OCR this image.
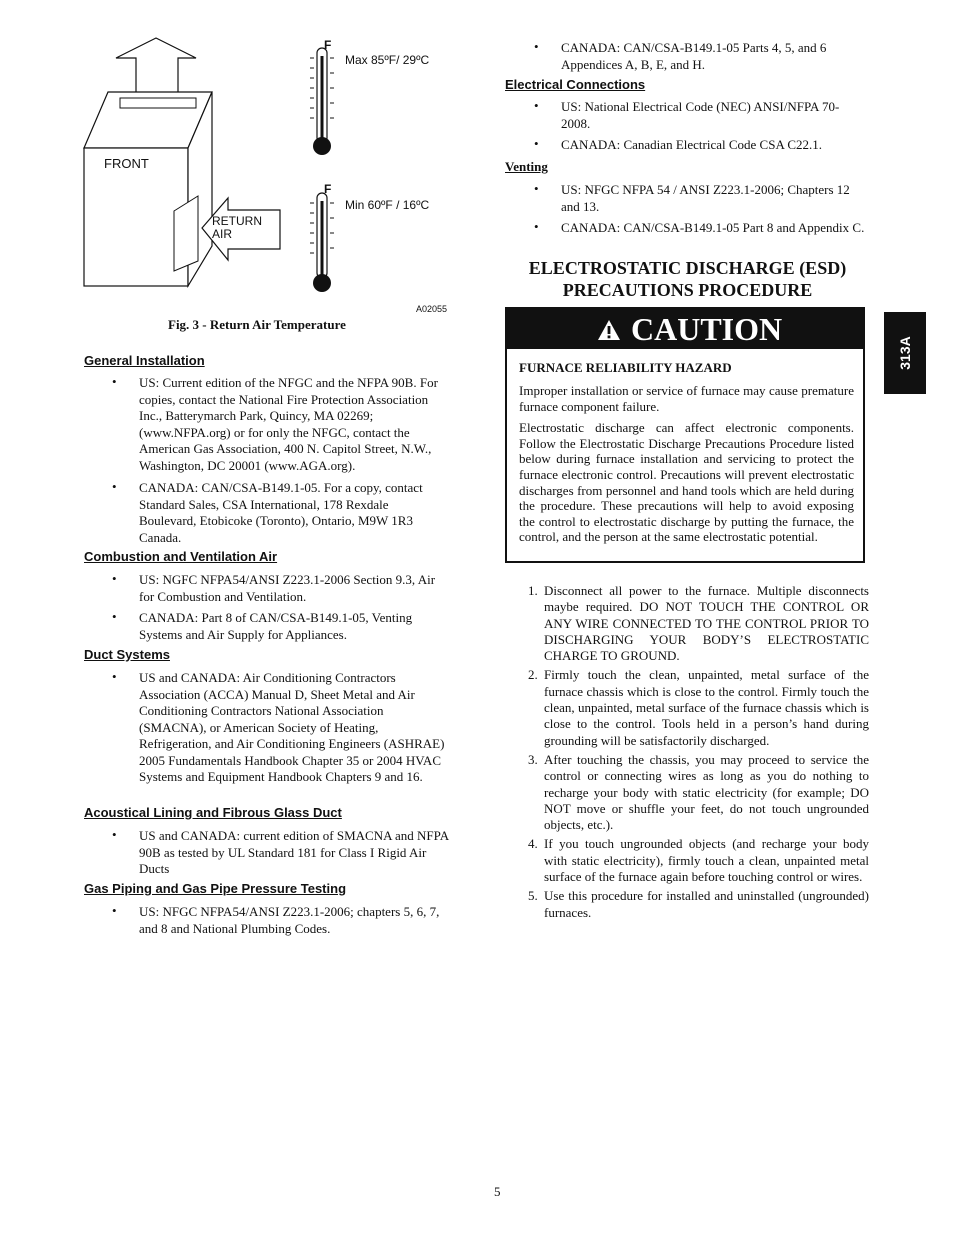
FRONT
RETURN
AIR
F
F
Max 85ºF/ 29ºC
Min 60ºF / 16ºC
A02055
Fig. 3 - Return Air Temperature
General Installation
• US: Current edition of the NFGC and the NFPA 90B. For copies, contact the National Fire Protection Association Inc., Batterymarch Park, Quincy, MA 02269; (www.NFPA.org) or for only the NFGC, contact the American Gas Association, 400 N. Capitol Street, N.W., Washington, DC 20001 (www.AGA.org).
• CANADA: CAN/CSA-B149.1-05. For a copy, contact Standard Sales, CSA International, 178 Rexdale Boulevard, Etobicoke (Toronto), Ontario, M9W 1R3 Canada.
Combustion and Ventilation Air
• US: NGFC NFPA54/ANSI Z223.1-2006 Section 9.3, Air for Combustion and Ventilation.
• CANADA: Part 8 of CAN/CSA-B149.1-05, Venting Systems and Air Supply for Appliances.
Duct Systems
• US and CANADA: Air Conditioning Contractors Association (ACCA) Manual D, Sheet Metal and Air Conditioning Contractors National Association (SMACNA), or American Society of Heating, Refrigeration, and Air Conditioning Engineers (ASHRAE) 2005 Fundamentals Handbook Chapter 35 or 2004 HVAC Systems and Equipment Handbook Chapters 9 and 16.
Acoustical Lining and Fibrous Glass Duct
• US and CANADA: current edition of SMACNA and NFPA 90B as tested by UL Standard 181 for Class I Rigid Air Ducts
Gas Piping and Gas Pipe Pressure Testing
• US: NFGC NFPA54/ANSI Z223.1-2006; chapters 5, 6, 7, and 8 and National Plumbing Codes.
• CANADA: CAN/CSA-B149.1-05 Parts 4, 5, and 6 Appendices A, B, E, and H.
Electrical Connections
• US: National Electrical Code (NEC) ANSI/NFPA 70-2008.
• CANADA: Canadian Electrical Code CSA C22.1.
Venting
• US: NFGC NFPA 54 / ANSI Z223.1-2006; Chapters 12 and 13.
• CANADA: CAN/CSA-B149.1-05 Part 8 and Appendix C.
ELECTROSTATIC DISCHARGE (ESD)
PRECAUTIONS PROCEDURE
CAUTION
FURNACE RELIABILITY HAZARD

Improper installation or service of furnace may cause premature furnace component failure.

Electrostatic discharge can affect electronic components. Follow the Electrostatic Discharge Precautions Procedure listed below during furnace installation and servicing to protect the furnace electronic control. Precautions will prevent electrostatic discharges from personnel and hand tools which are held during the procedure. These precautions will help to avoid exposing the control to electrostatic discharge by putting the furnace, the control, and the person at the same electrostatic potential.

1. Disconnect all power to the furnace. Multiple disconnects maybe required. DO NOT TOUCH THE CONTROL OR ANY WIRE CONNECTED TO THE CONTROL PRIOR TO DISCHARGING YOUR BODY’S ELECTROSTATIC CHARGE TO GROUND.
2. Firmly touch the clean, unpainted, metal surface of the furnace chassis which is close to the control. Firmly touch the clean, unpainted, metal surface of the furnace chassis which is close to the control. Tools held in a person’s hand during grounding will be satisfactorily discharged.
3. After touching the chassis, you may proceed to service the control or connecting wires as long as you do nothing to recharge your body with static electricity (for example; DO NOT move or shuffle your feet, do not touch ungrounded objects, etc.).
4. If you touch ungrounded objects (and recharge your body with static electricity), firmly touch a clean, unpainted metal surface of the furnace again before touching control or wires.
5. Use this procedure for installed and uninstalled (ungrounded) furnaces.
313A
5
